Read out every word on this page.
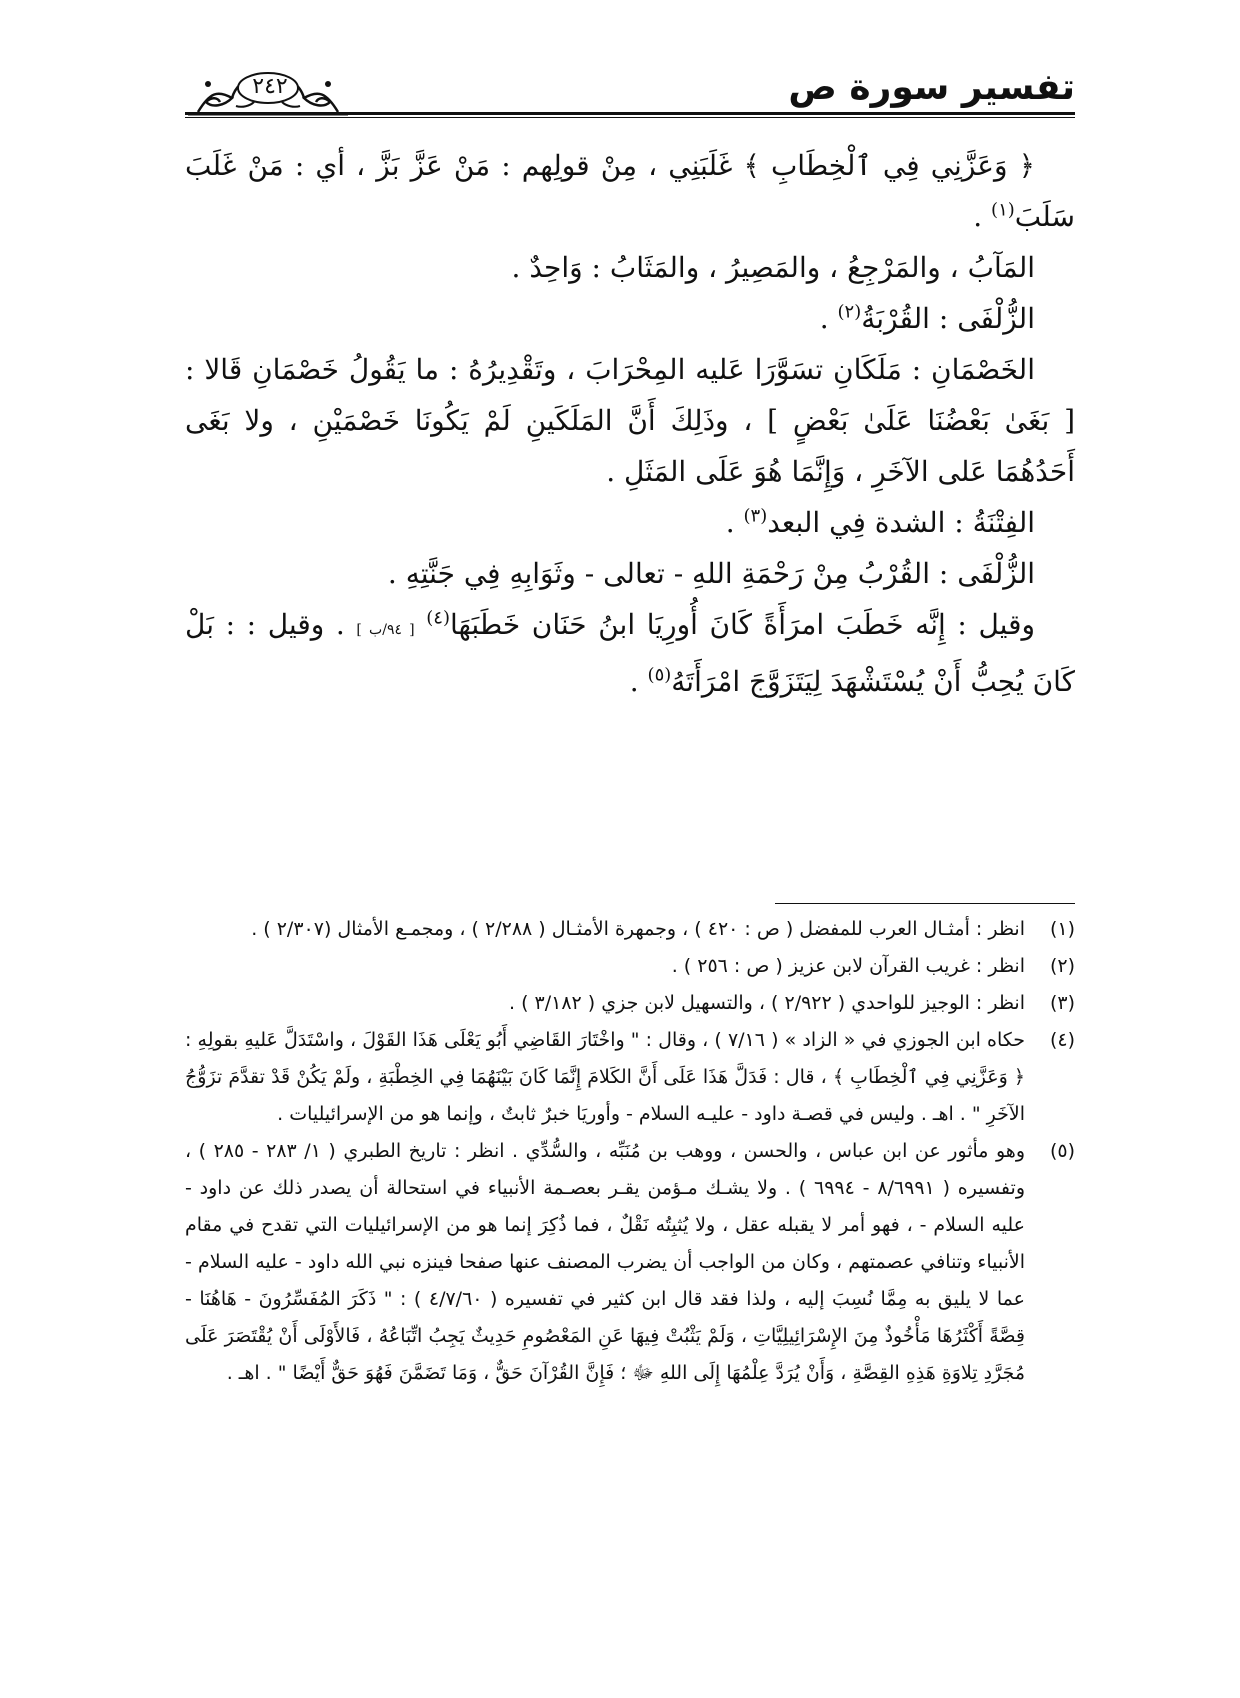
تفسير سورة ص
٢٤٢

﴿ وَعَزَّنِي فِي ٱلْخِطَابِ ﴾ غَلَبَنِي ، مِنْ قولِهم : مَنْ عَزَّ بَزَّ ، أي : مَنْ غَلَبَ سَلَبَ$^{(١)}$ .

المَآبُ ، والمَرْجِعُ ، والمَصِيرُ ، والمَثَابُ : وَاحِدٌ .

الزُّلْفَى : القُرْبَةُ$^{(٢)}$ .

الخَصْمَانِ : مَلَكَانِ تسَوَّرَا عَليه المِحْرَابَ ، وتَقْدِيرُهُ : ما يَقُولُ خَصْمَانِ قَالا : [ بَغَىٰ بَعْضُنَا عَلَىٰ بَعْضٍ ] ، وذَلِكَ أَنَّ المَلَكَينِ لَمْ يَكُونَا خَصْمَيْنِ ، ولا بَغَى أَحَدُهُمَا عَلى الآخَرِ ، وَإِنَّمَا هُوَ عَلَى المَثَلِ .

الفِتْنَةُ : الشدة فِي البعد$^{(٣)}$ .

الزُّلْفَى : القُرْبُ مِنْ رَحْمَةِ اللهِ - تعالى - وثَوَابِهِ فِي جَنَّتِهِ .

وقيل : إِنَّه خَطَبَ امرَأَةً كَانَ أُورِيَا ابنُ حَنَان خَطَبَهَا$^{(٤)}$ [ ٩٤/ب ] . وقيل : : بَلْ كَانَ يُحِبُّ أَنْ يُسْتَشْهَدَ لِيَتَزَوَّجَ امْرَأَتَهُ$^{(٥)}$ .

(١)
انظر : أمثـال العرب للمفضل ( ص : ٤٢٠ ) ، وجمهرة الأمثـال ( ٢/٢٨٨ ) ، ومجمـع الأمثال (٢/٣٠٧ ) .

(٢)
انظر : غريب القرآن لابن عزيز ( ص : ٢٥٦ ) .

(٣)
انظر : الوجيز للواحدي ( ٢/٩٢٢ ) ، والتسهيل لابن جزي ( ٣/١٨٢ ) .

(٤)
حكاه ابن الجوزي في « الزاد » ( ٧/١٦ ) ، وقال : " واخْتَارَ القَاضِي أَبُو يَعْلَى هَذَا القَوْلَ ، واسْتَدَلَّ عَليهِ بقولِهِ : ﴿ وَعَزَّنِي فِي ٱلْخِطَابِ ﴾ ، قال : فَدَلَّ هَذَا عَلَى أَنَّ الكَلامَ إِنَّمَا كَانَ بَيْنَهُمَا فِي الخِطْبَةِ ، ولَمْ يَكُنْ قَدْ تقدَّمَ تزَوُّجُ الآخَرِ " . اهـ . وليس في قصـة داود - عليـه السلام - وأوريَا خبرٌ ثابتٌ ، وإنما هو من الإسرائيليات .

(٥)
وهو مأثور عن ابن عباس ، والحسن ، ووهب بن مُنَبِّه ، والسُّدِّي . انظر : تاريخ الطبري ( ١/ ٢٨٣ - ٢٨٥ ) ، وتفسيره ( ٨/٦٩٩١ - ٦٩٩٤ ) . ولا يشـك مـؤمن يقـر بعصـمة الأنبياء في استحالة أن يصدر ذلك عن داود - عليه السلام - ، فهو أمر لا يقبله عقل ، ولا يُثبِتُه نَقْلٌ ، فما ذُكِرَ إنما هو من الإسرائيليات التي تقدح في مقام الأنبياء وتنافي عصمتهم ، وكان من الواجب أن يضرب المصنف عنها صفحا فينزه نبي الله داود - عليه السلام - عما لا يليق به مِمَّا نُسِبَ إليه ، ولذا فقد قال ابن كثير في تفسيره ( ٤/٧/٦٠ ) : " ذَكَرَ المُفَسِّرُونَ - هَاهُنَا - قِصَّةً أَكْثَرُهَا مَأْخُوذٌ مِنَ الإِسْرَائِيلِيَّاتِ ، وَلَمْ يَثْبُتْ فِيهَا عَنِ المَعْصُومِ حَدِيثٌ يَجِبُ اتِّبَاعُهُ ، فَالأَوْلَى أَنْ يُقْتَصَرَ عَلَى مُجَرَّدِ تِلاوَةِ هَذِهِ القِصَّةِ ، وَأَنْ يُرَدَّ عِلْمُهَا إِلَى اللهِ ﷻ ؛ فَإِنَّ القُرْآنَ حَقٌّ ، وَمَا تَضَمَّنَ فَهُوَ حَقٌّ أَيْضًا " . اهـ .
